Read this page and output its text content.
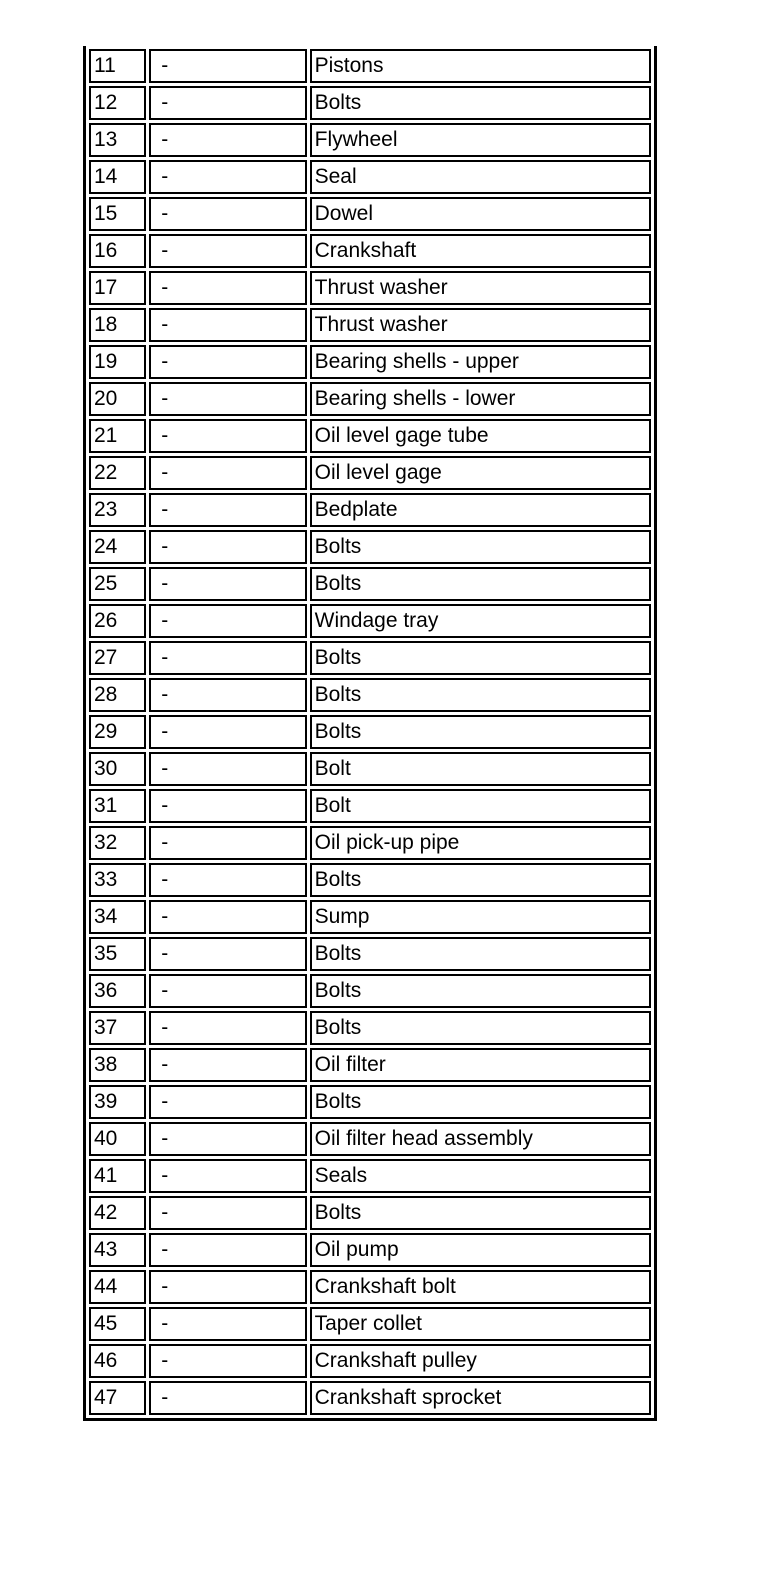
11	-	Pistons
12	-	Bolts
13	-	Flywheel
14	-	Seal
15	-	Dowel
16	-	Crankshaft
17	-	Thrust washer
18	-	Thrust washer
19	-	Bearing shells - upper
20	-	Bearing shells - lower
21	-	Oil level gage tube
22	-	Oil level gage
23	-	Bedplate
24	-	Bolts
25	-	Bolts
26	-	Windage tray
27	-	Bolts
28	-	Bolts
29	-	Bolts
30	-	Bolt
31	-	Bolt
32	-	Oil pick-up pipe
33	-	Bolts
34	-	Sump
35	-	Bolts
36	-	Bolts
37	-	Bolts
38	-	Oil filter
39	-	Bolts
40	-	Oil filter head assembly
41	-	Seals
42	-	Bolts
43	-	Oil pump
44	-	Crankshaft bolt
45	-	Taper collet
46	-	Crankshaft pulley
47	-	Crankshaft sprocket
